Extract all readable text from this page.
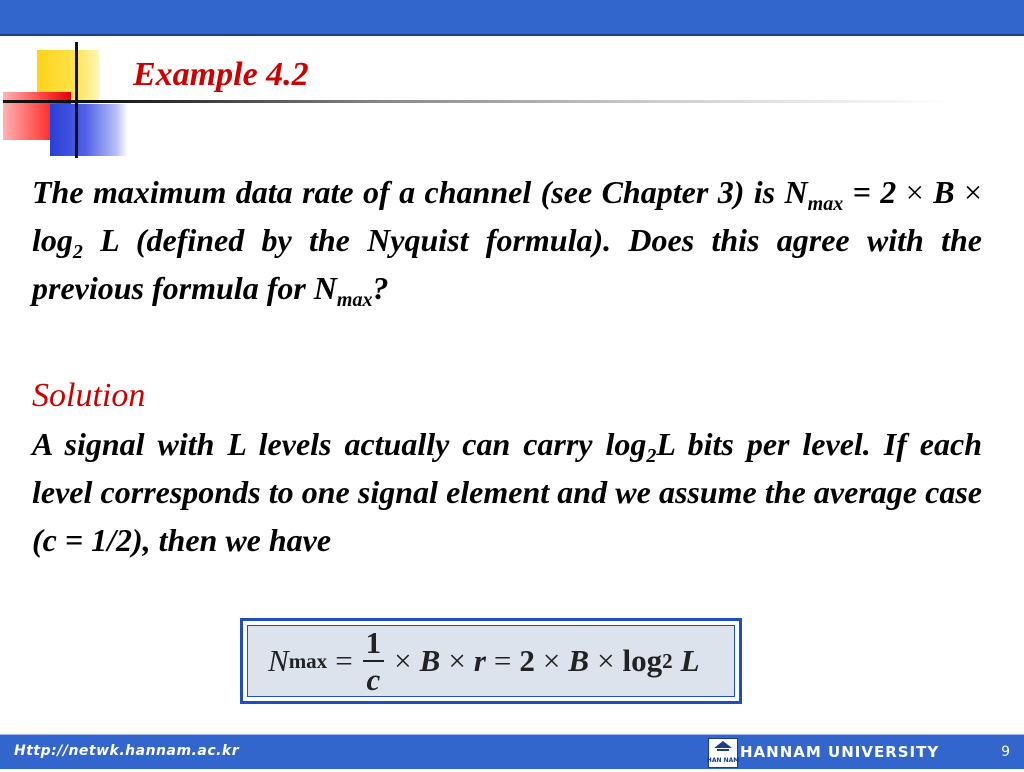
Example 4.2
The maximum data rate of a channel (see Chapter 3) is $N_{max} = 2 \times B \times \log_2 L$ (defined by the Nyquist formula). Does this agree with the previous formula for $N_{max}$?
Solution
A signal with L levels actually can carry $\log_2L$ bits per level. If each level corresponds to one signal element and we assume the average case (c = 1/2), then we have
N $\max = \frac{1}{c} \times B \times r = 2 \times B \times \log 2$ L
Http://netwk.hannam.ac.kr
HAN NAM HANNAM UNIVERSITY	9
